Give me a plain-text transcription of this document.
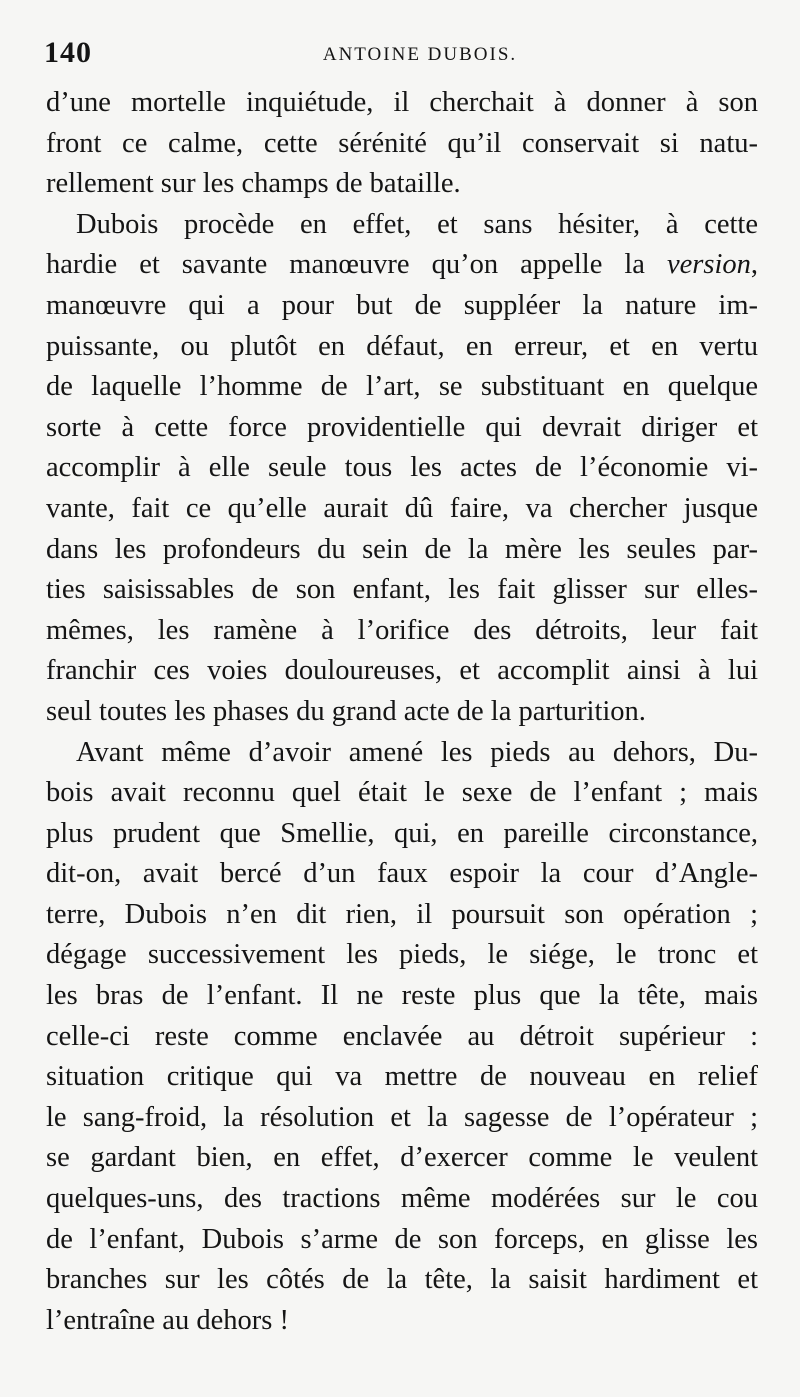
140	ANTOINE DUBOIS.
d’une mortelle inquiétude, il cherchait à donner à son
front ce calme, cette sérénité qu’il conservait si natu-
rellement sur les champs de bataille.
Dubois procède en effet, et sans hésiter, à cette
hardie et savante manœuvre qu’on appelle la version,
manœuvre qui a pour but de suppléer la nature im-
puissante, ou plutôt en défaut, en erreur, et en vertu
de laquelle l’homme de l’art, se substituant en quelque
sorte à cette force providentielle qui devrait diriger et
accomplir à elle seule tous les actes de l’économie vi-
vante, fait ce qu’elle aurait dû faire, va chercher jusque
dans les profondeurs du sein de la mère les seules par-
ties saisissables de son enfant, les fait glisser sur elles-
mêmes, les ramène à l’orifice des détroits, leur fait
franchir ces voies douloureuses, et accomplit ainsi à lui
seul toutes les phases du grand acte de la parturition.
Avant même d’avoir amené les pieds au dehors, Du-
bois avait reconnu quel était le sexe de l’enfant ; mais
plus prudent que Smellie, qui, en pareille circonstance,
dit-on, avait bercé d’un faux espoir la cour d’Angle-
terre, Dubois n’en dit rien, il poursuit son opération ;
dégage successivement les pieds, le siége, le tronc et
les bras de l’enfant. Il ne reste plus que la tête, mais
celle-ci reste comme enclavée au détroit supérieur :
situation critique qui va mettre de nouveau en relief
le sang-froid, la résolution et la sagesse de l’opérateur ;
se gardant bien, en effet, d’exercer comme le veulent
quelques-uns, des tractions même modérées sur le cou
de l’enfant, Dubois s’arme de son forceps, en glisse les
branches sur les côtés de la tête, la saisit hardiment et
l’entraîne au dehors !
